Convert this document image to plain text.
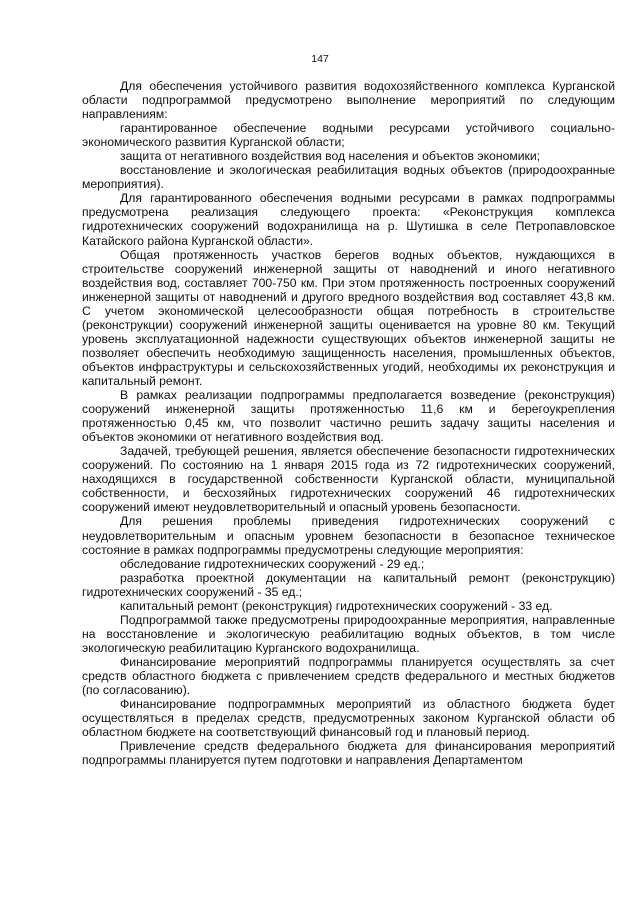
147

Для обеспечения устойчивого развития водохозяйственного комплекса Курганской области подпрограммой предусмотрено выполнение мероприятий по следующим направлениям:

гарантированное обеспечение водными ресурсами устойчивого социально-экономического развития Курганской области;

защита от негативного воздействия вод населения и объектов экономики;

восстановление и экологическая реабилитация водных объектов (природоохранные мероприятия).

Для гарантированного обеспечения водными ресурсами в рамках подпрограммы предусмотрена реализация следующего проекта: «Реконструкция комплекса гидротехнических сооружений водохранилища на р. Шутишка в селе Петропавловское Катайского района Курганской области».

Общая протяженность участков берегов водных объектов, нуждающихся в строительстве сооружений инженерной защиты от наводнений и иного негативного воздействия вод, составляет 700-750 км. При этом протяженность построенных сооружений инженерной защиты от наводнений и другого вредного воздействия вод составляет 43,8 км. С учетом экономической целесообразности общая потребность в строительстве (реконструкции) сооружений инженерной защиты оценивается на уровне 80 км. Текущий уровень эксплуатационной надежности существующих объектов инженерной защиты не позволяет обеспечить необходимую защищенность населения, промышленных объектов, объектов инфраструктуры и сельскохозяйственных угодий, необходимы их реконструкция и капитальный ремонт.

В рамках реализации подпрограммы предполагается возведение (реконструкция) сооружений инженерной защиты протяженностью 11,6 км и берегоукрепления протяженностью 0,45 км, что позволит частично решить задачу защиты населения и объектов экономики от негативного воздействия вод.

Задачей, требующей решения, является обеспечение безопасности гидротехнических сооружений. По состоянию на 1 января 2015 года из 72 гидротехнических сооружений, находящихся в государственной собственности Курганской области, муниципальной собственности, и бесхозяйных гидротехнических сооружений 46 гидротехнических сооружений имеют неудовлетворительный и опасный уровень безопасности.

Для решения проблемы приведения гидротехнических сооружений с неудовлетворительным и опасным уровнем безопасности в безопасное техническое состояние в рамках подпрограммы предусмотрены следующие мероприятия:

обследование гидротехнических сооружений - 29 ед.;

разработка проектной документации на капитальный ремонт (реконструкцию) гидротехнических сооружений - 35 ед.;

капитальный ремонт (реконструкция) гидротехнических сооружений - 33 ед.

Подпрограммой также предусмотрены природоохранные мероприятия, направленные на восстановление и экологическую реабилитацию водных объектов, в том числе экологическую реабилитацию Курганского водохранилища.

Финансирование мероприятий подпрограммы планируется осуществлять за счет средств областного бюджета с привлечением средств федерального и местных бюджетов (по согласованию).

Финансирование подпрограммных мероприятий из областного бюджета будет осуществляться в пределах средств, предусмотренных законом Курганской области об областном бюджете на соответствующий финансовый год и плановый период.

Привлечение средств федерального бюджета для финансирования мероприятий подпрограммы планируется путем подготовки и направления Департаментом
